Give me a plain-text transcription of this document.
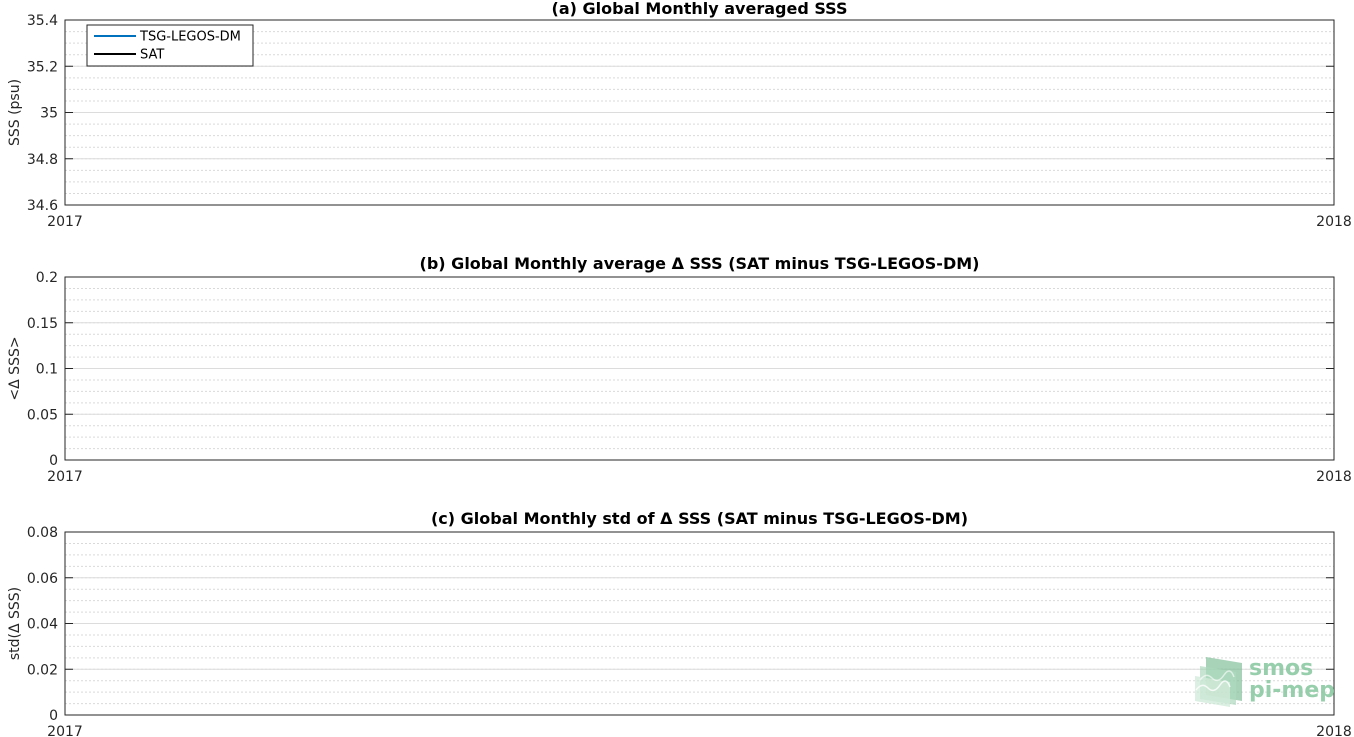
34.6
34.8
35
35.2
35.4
2017	2018
(a) Global Monthly averaged SSS
SSS (psu)
TSG-LEGOS-DM
SAT
0
0.05
0.1
0.15
0.2
2017	2018
(b) Global Monthly average Δ SSS (SAT minus TSG-LEGOS-DM)
<Δ SSS>
0
0.02
0.04
0.06
0.08
2017	2018
(c) Global Monthly std of Δ SSS (SAT minus TSG-LEGOS-DM)
std(Δ SSS)
smos
pi-mep
